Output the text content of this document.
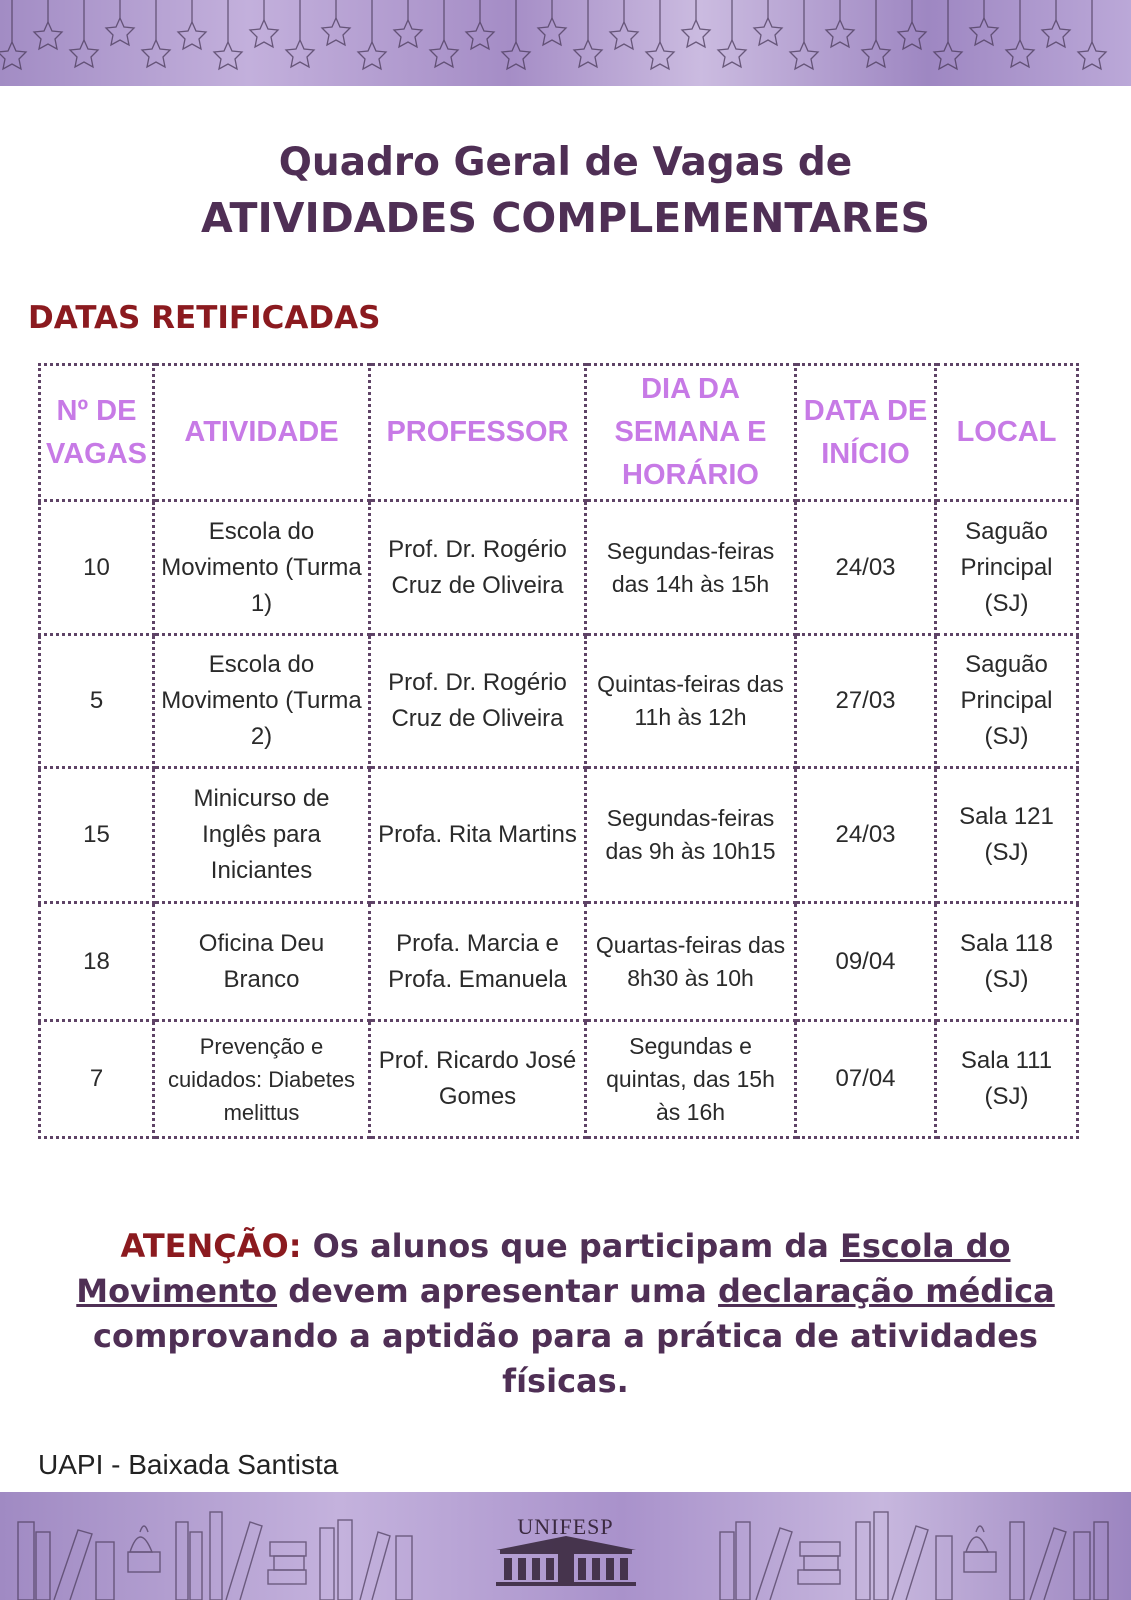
Quadro Geral de Vagas de
ATIVIDADES COMPLEMENTARES
DATAS RETIFICADAS
Nº DE VAGAS	ATIVIDADE	PROFESSOR	DIA DA SEMANA E HORÁRIO	DATA DE INÍCIO	LOCAL
10	Escola do Movimento (Turma 1)	Prof. Dr. Rogério Cruz de Oliveira	Segundas-feiras das 14h às 15h	24/03	Saguão Principal (SJ)
5	Escola do Movimento (Turma 2)	Prof. Dr. Rogério Cruz de Oliveira	Quintas-feiras das 11h às 12h	27/03	Saguão Principal (SJ)
15	Minicurso de Inglês para Iniciantes	Profa. Rita Martins	Segundas-feiras das 9h às 10h15	24/03	Sala 121 (SJ)
18	Oficina Deu Branco	Profa. Marcia e Profa. Emanuela	Quartas-feiras das 8h30 às 10h	09/04	Sala 118 (SJ)
7	Prevenção e cuidados: Diabetes melittus	Prof. Ricardo José Gomes	Segundas e quintas, das 15h às 16h	07/04	Sala 111 (SJ)
ATENÇÃO: Os alunos que participam da Escola do Movimento devem apresentar uma declaração médica comprovando a aptidão para a prática de atividades físicas.
UAPI - Baixada Santista
UNIFESP
